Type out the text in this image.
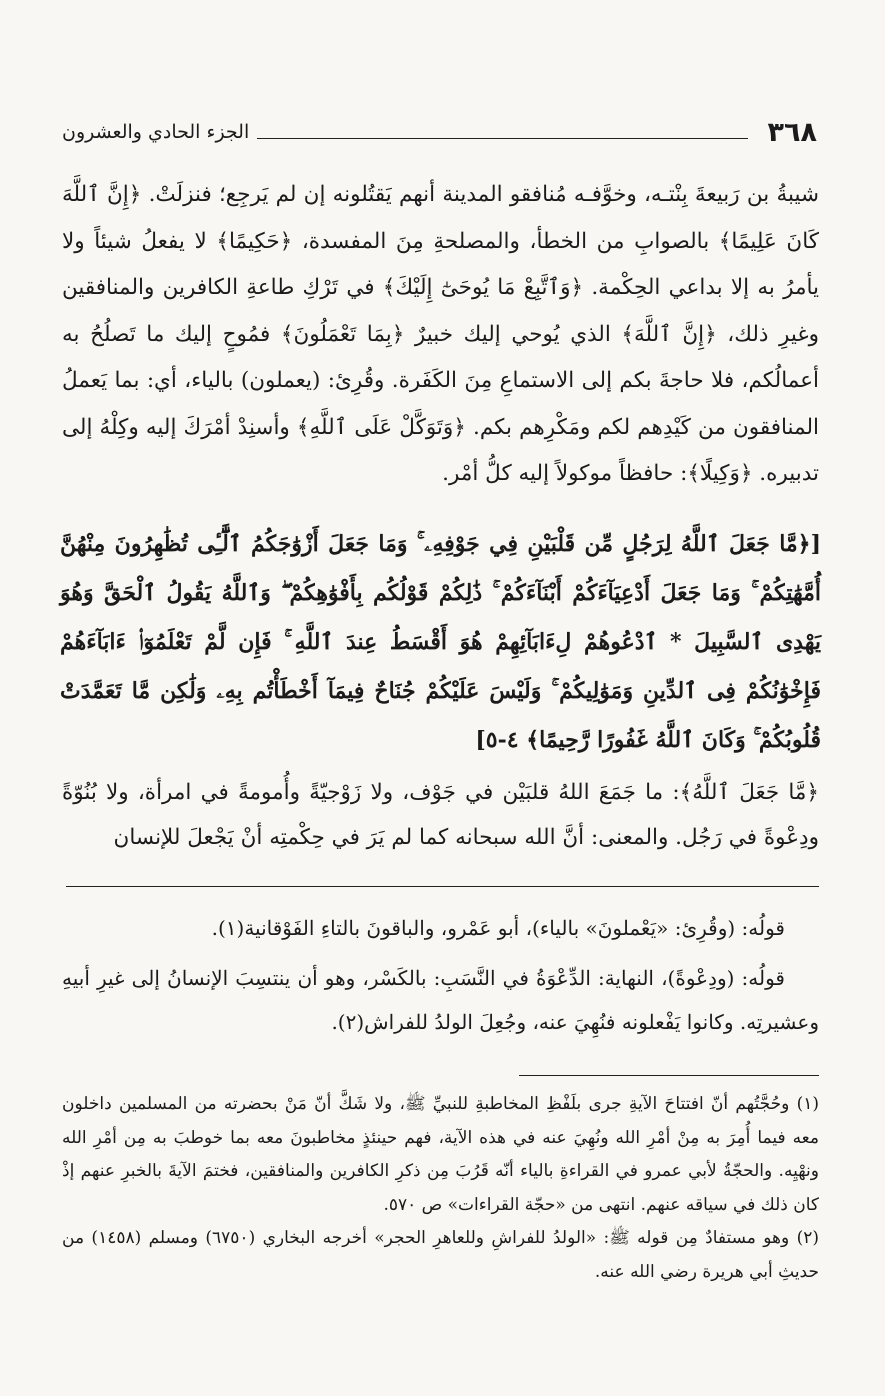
٣٦٨
الجزء الحادي والعشرون

شيبةُ بن رَبيعةَ بِنْتـه، وخوَّفـه مُنافقو المدينة أنهم يَقتُلونه إن لم يَرجِع؛ فنزلَتْ. ﴿إِنَّ ٱللَّهَ كَانَ عَلِيمًا﴾ بالصوابِ من الخطأ، والمصلحةِ مِنَ المفسدة، ﴿حَكِيمًا﴾ لا يفعلُ شيئاً ولا يأمرُ به إلا بداعي الحِكْمة. ﴿وَٱتَّبِعْ مَا يُوحَىٰٓ إِلَيْكَ﴾ في تَرْكِ طاعةِ الكافرين والمنافقين وغيرِ ذلك، ﴿إِنَّ ٱللَّهَ﴾ الذي يُوحي إليك خبيرٌ ﴿بِمَا تَعْمَلُونَ﴾ فمُوحٍ إليك ما تَصلُحُ به أعمالُكم، فلا حاجةَ بكم إلى الاستماعِ مِنَ الكَفَرة. وقُرِئ: (يعملون) بالياء، أي: بما يَعملُ المنافقون من كَيْدِهم لكم ومَكْرِهم بكم. ﴿وَتَوَكَّلْ عَلَى ٱللَّهِ﴾ وأسنِدْ أمْرَكَ إليه وكِلْهُ إلى تدبيره. ﴿وَكِيلًا﴾: حافظاً موكولاً إليه كلُّ أمْر.

[﴿مَّا جَعَلَ ٱللَّهُ لِرَجُلٍ مِّن قَلْبَيْنِ فِي جَوْفِهِۦ ۚ وَمَا جَعَلَ أَزْوَٰجَكُمُ ٱلَّٰٓـِٔى تُظَٰهِرُونَ مِنْهُنَّ أُمَّهَٰتِكُمْ ۚ وَمَا جَعَلَ أَدْعِيَآءَكُمْ أَبْنَآءَكُمْ ۚ ذَٰلِكُمْ قَوْلُكُم بِأَفْوَٰهِكُمْ ۖ وَٱللَّهُ يَقُولُ ٱلْحَقَّ وَهُوَ يَهْدِى ٱلسَّبِيلَ * ٱدْعُوهُمْ لِءَابَآئِهِمْ هُوَ أَقْسَطُ عِندَ ٱللَّهِ ۚ فَإِن لَّمْ تَعْلَمُوٓا۟ ءَابَآءَهُمْ فَإِخْوَٰنُكُمْ فِى ٱلدِّينِ وَمَوَٰلِيكُمْ ۚ وَلَيْسَ عَلَيْكُمْ جُنَاحٌ فِيمَآ أَخْطَأْتُم بِهِۦ وَلَٰكِن مَّا تَعَمَّدَتْ قُلُوبُكُمْ ۚ وَكَانَ ٱللَّهُ غَفُورًا رَّحِيمًا﴾ ٤-٥]
﴿مَّا جَعَلَ ٱللَّهُ﴾: ما جَمَعَ اللهُ قلبَيْن في جَوْف، ولا زَوْجيّةً وأُمومةً في امرأة، ولا بُنُوّةً ودِعْوةً في رَجُل. والمعنى: أنَّ الله سبحانه كما لم يَرَ في حِكْمتِه أنْ يَجْعلَ للإنسان

قولُه: (وقُرِئ: «يَعْملونَ» بالياء)، أبو عَمْرو، والباقونَ بالتاءِ الفَوْقانية(١).

قولُه: (ودِعْوةً)، النهاية: الدِّعْوَةُ في النَّسَبِ: بالكَسْر، وهو أن ينتسِبَ الإنسانُ إلى غيرِ أبيهِ وعشيرتِه. وكانوا يَفْعلونه فنُهِيَ عنه، وجُعِلَ الولدُ للفراش(٢).

(١) وحُجَّتُهم أنّ افتتاحَ الآيةِ جرى بلَفْظِ المخاطبةِ للنبيِّ ﷺ، ولا شَكَّ أنّ مَنْ بحضرته من المسلمين داخلون معه فيما أُمِرَ به مِنْ أمْرِ الله ونُهِيَ عنه في هذه الآية، فهم حينئذٍ مخاطبونَ معه بما خوطبَ به مِن أمْرِ الله ونهْيِه. والحجّةُ لأبي عمرو في القراءةِ بالياء أنّه قَرُبَ مِن ذكرِ الكافرين والمنافقين، فختمَ الآيةَ بالخبرِ عنهم إذْ كان ذلك في سياقه عنهم. انتهى من «حجّة القراءات» ص ٥٧٠.

(٢) وهو مستفادٌ مِن قوله ﷺ: «الولدُ للفراشِ وللعاهرِ الحجر» أخرجه البخاري (٦٧٥٠) ومسلم (١٤٥٨) من حديثِ أبي هريرة رضي الله عنه.
